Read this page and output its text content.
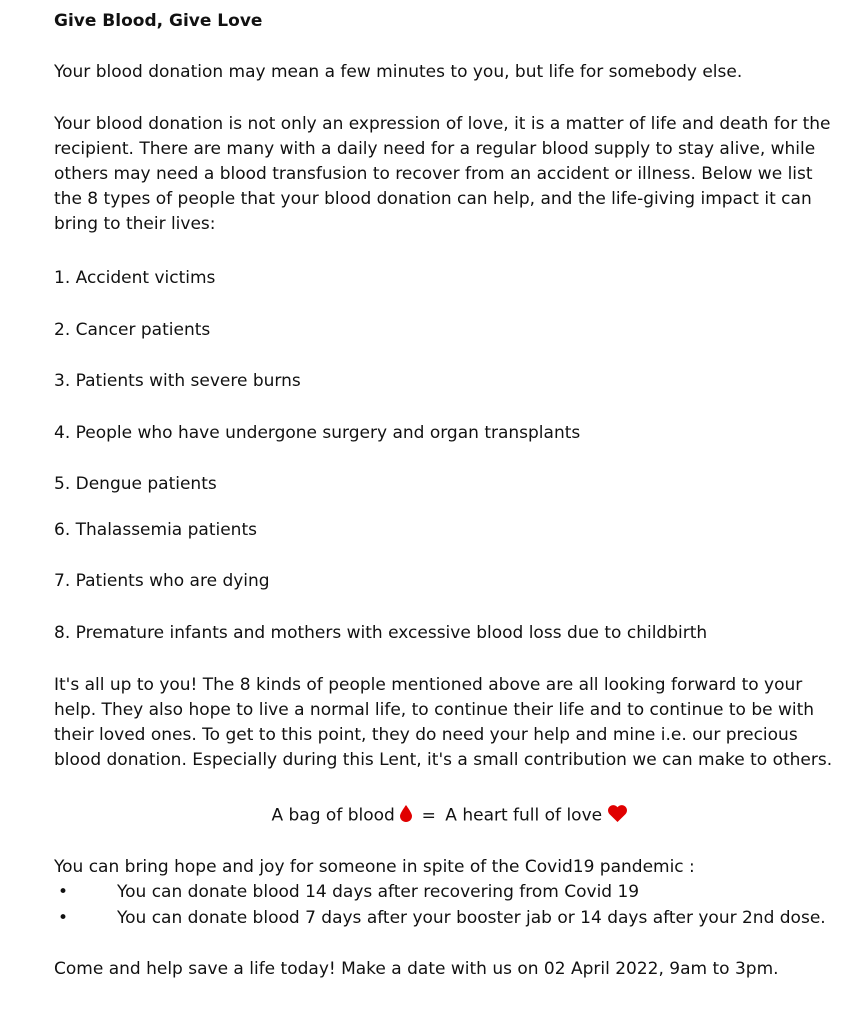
Give Blood, Give Love
Your blood donation may mean a few minutes to you, but life for somebody else.
Your blood donation is not only an expression of love, it is a matter of life and death for the
recipient. There are many with a daily need for a regular blood supply to stay alive, while
others may need a blood transfusion to recover from an accident or illness. Below we list
the 8 types of people that your blood donation can help, and the life-giving impact it can
bring to their lives:
1. Accident victims
2. Cancer patients
3. Patients with severe burns
4. People who have undergone surgery and organ transplants
5. Dengue patients
6. Thalassemia patients
7. Patients who are dying
8. Premature infants and mothers with excessive blood loss due to childbirth
It's all up to you! The 8 kinds of people mentioned above are all looking forward to your
help. They also hope to live a normal life, to continue their life and to continue to be with
their loved ones. To get to this point, they do need your help and mine i.e. our precious
blood donation. Especially during this Lent, it's a small contribution we can make to others.
A bag of blood = A heart full of love
You can bring hope and joy for someone in spite of the Covid19 pandemic :
•	You can donate blood 14 days after recovering from Covid 19
•	You can donate blood 7 days after your booster jab or 14 days after your 2nd dose.
Come and help save a life today! Make a date with us on 02 April 2022, 9am to 3pm.
